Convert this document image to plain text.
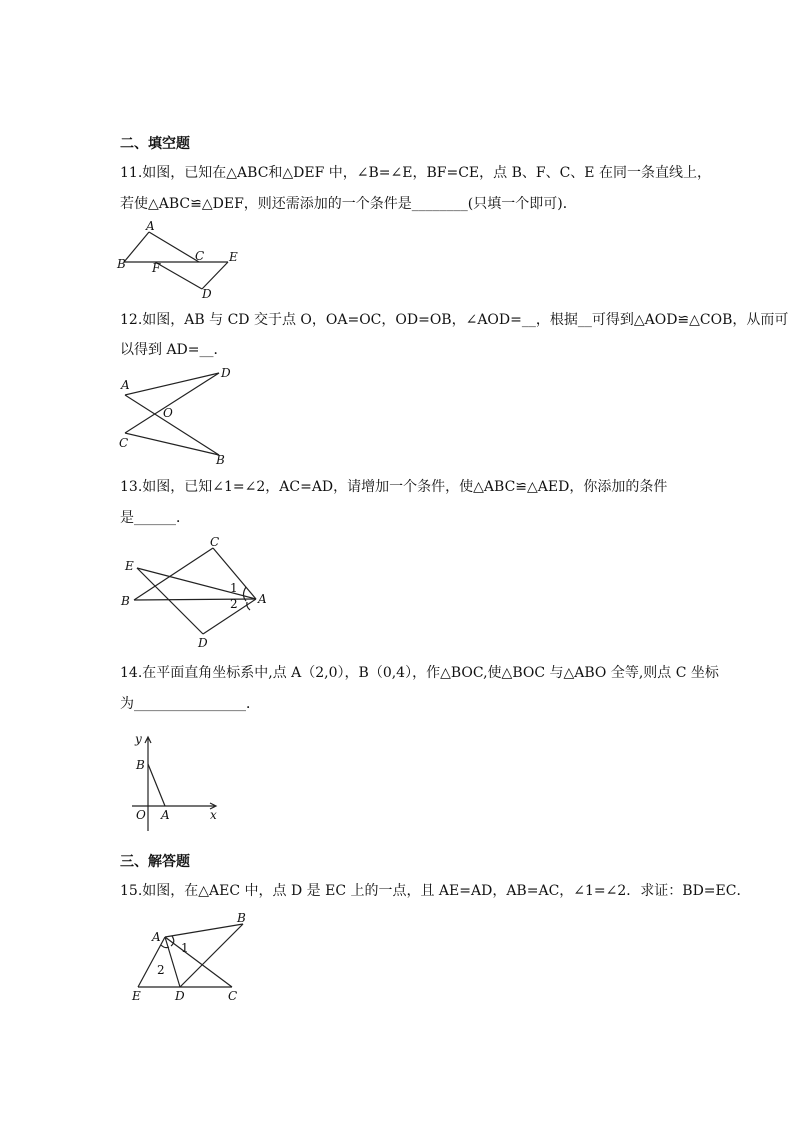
二、填空题
11.如图，已知在△ABC和△DEF 中，∠B=∠E，BF=CE，点 B、F、C、E 在同一条直线上，
若使△ABC≌△DEF，则还需添加的一个条件是________(只填一个即可)．
A
B
C E
F
D
12.如图，AB 与 CD 交于点 O，OA=OC，OD=OB，∠AOD=__，根据__可得到△AOD≌△COB，从而可
以得到 AD=__．
A
D
O
C
B
13.如图，已知∠1=∠2，AC=AD，请增加一个条件，使△ABC≌△AED，你添加的条件
是______．
C
E
B	A
D
1
2
14.在平面直角坐标系中,点 A（2,0），B（0,4），作△BOC,使△BOC 与△ABO 全等,则点 C 坐标
为________________．
y
B
O A	x
三、解答题
15.如图，在△AEC 中，点 D 是 EC 上的一点，且 AE=AD，AB=AC，∠1=∠2．求证：BD=EC．
A
B
E	D	C
1
2
